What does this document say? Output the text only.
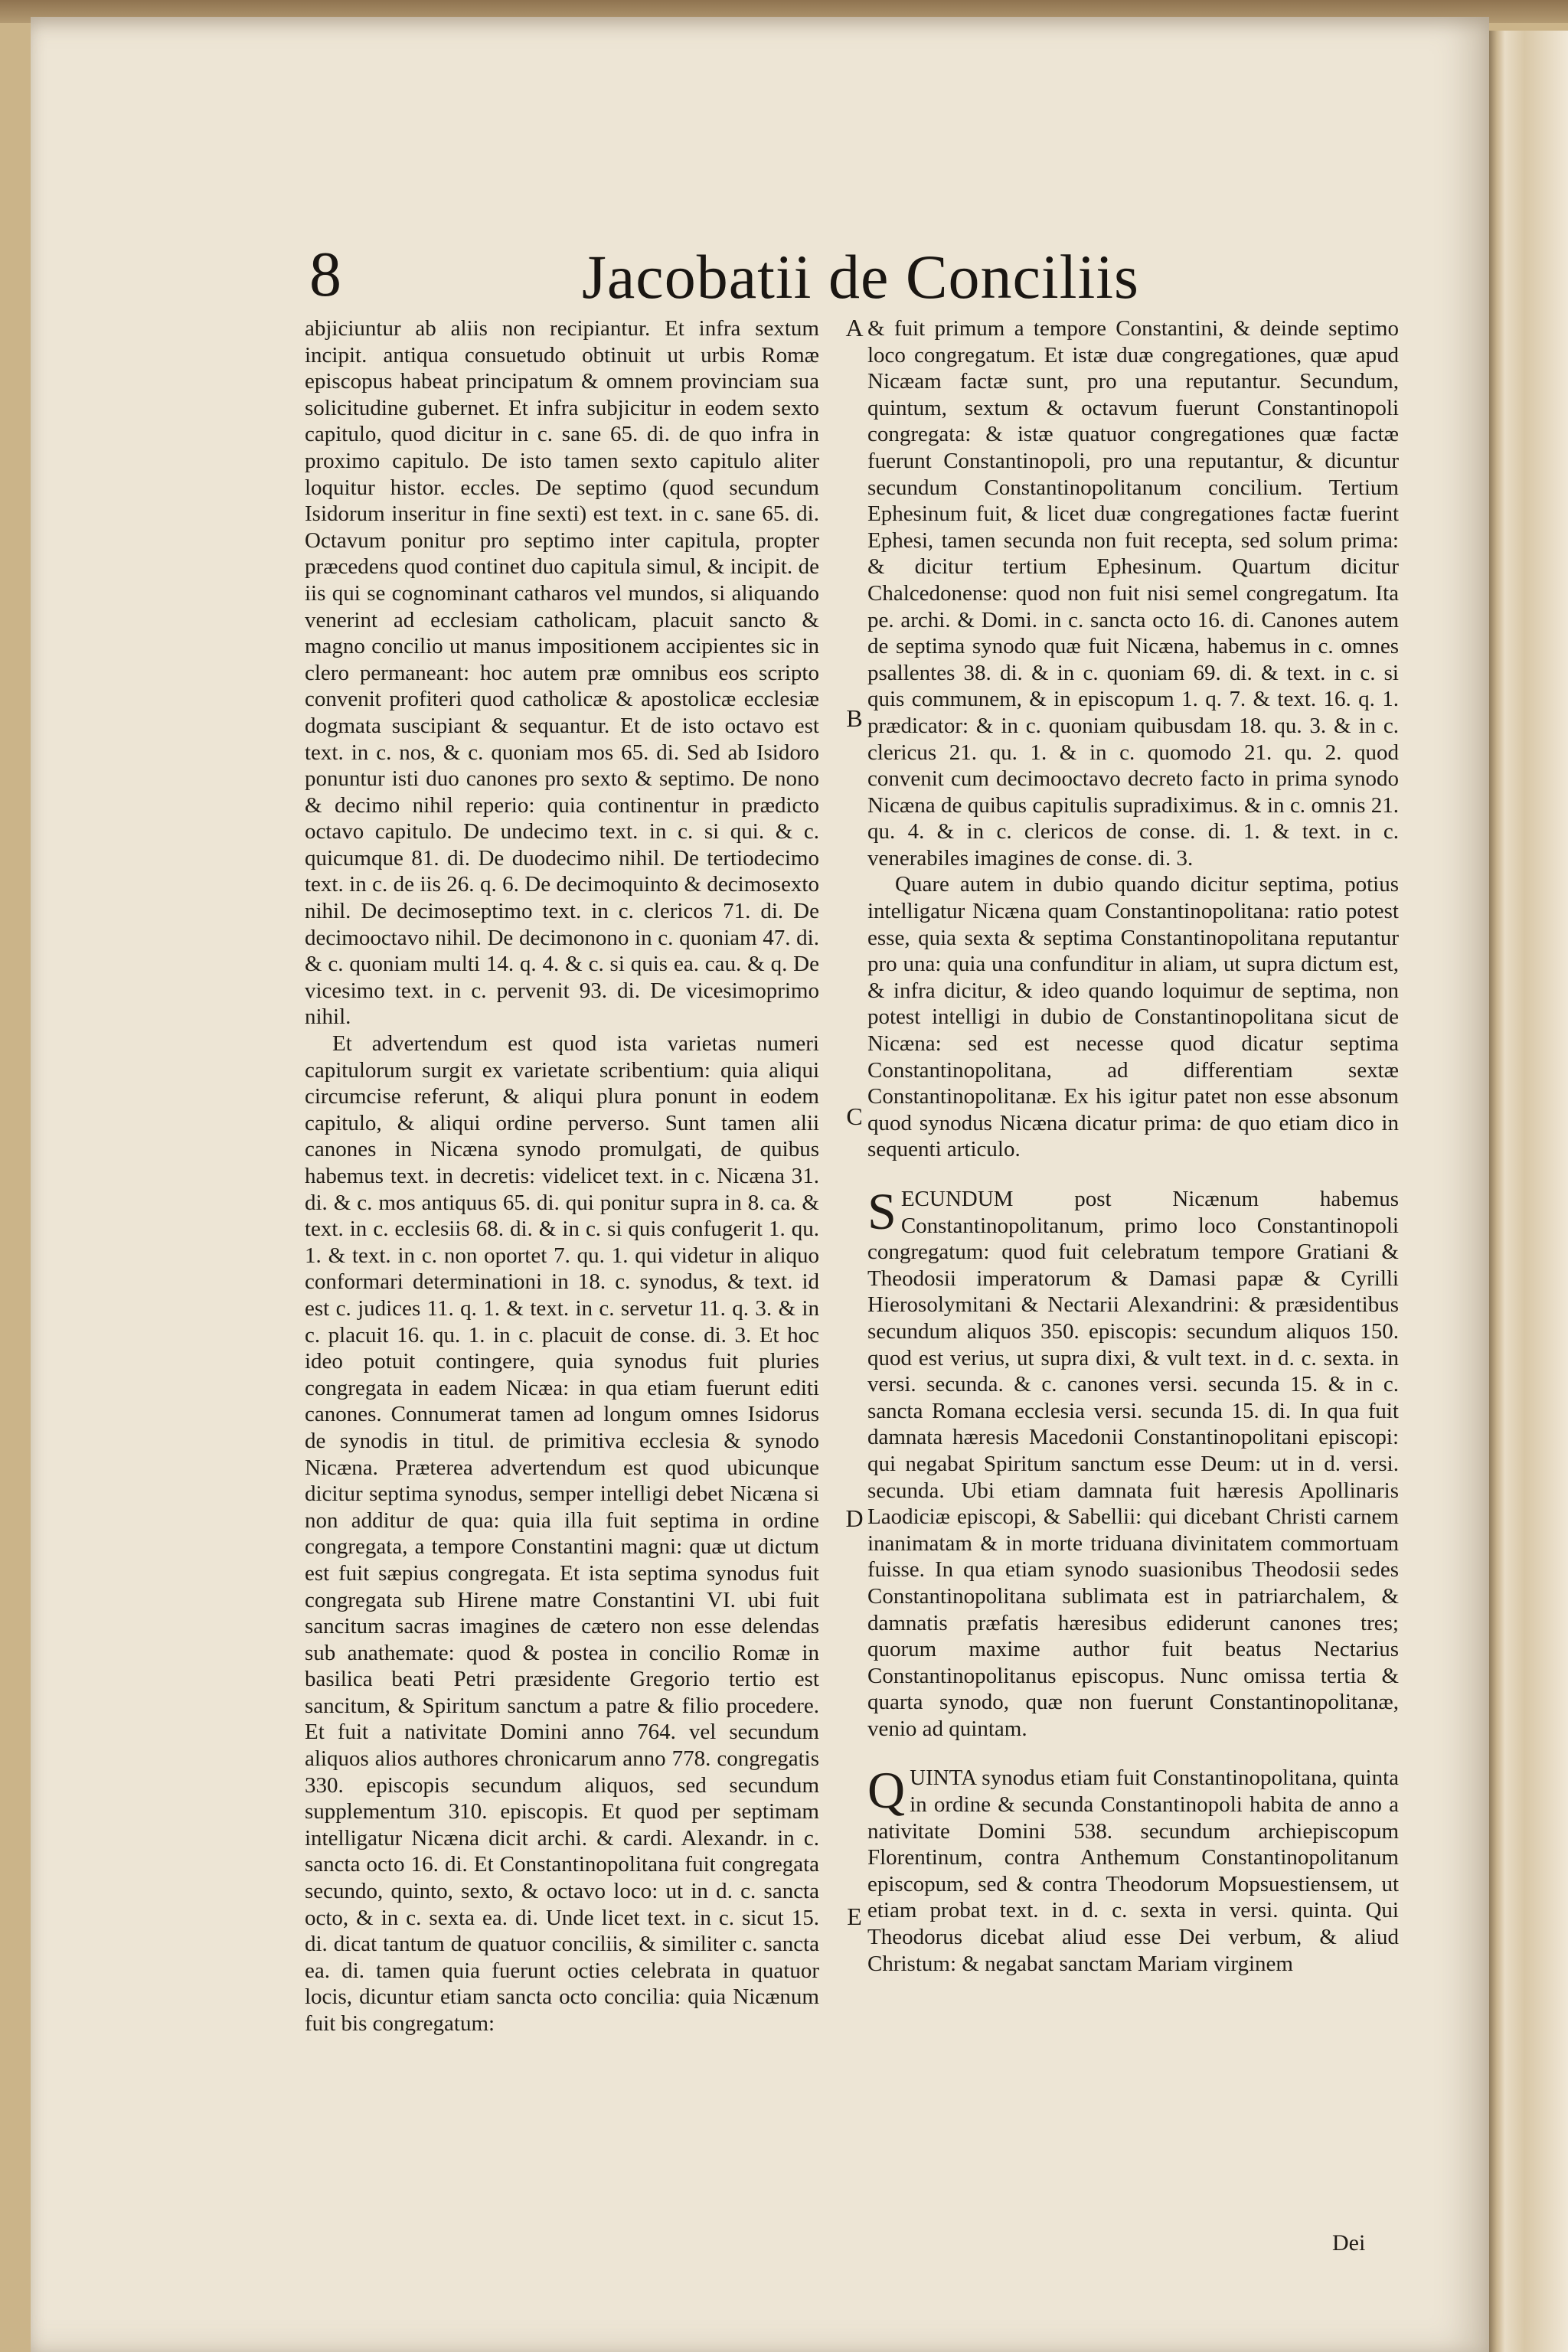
8	Jacobatii de Conciliis

abjiciuntur ab aliis non recipiantur. Et infra sextum incipit. antiqua consuetudo obtinuit ut urbis Romæ episcopus habeat principatum & omnem provinciam sua solicitudine gubernet. Et infra subjicitur in eodem sexto capitulo, quod dicitur in c. sane 65. di. de quo infra in proximo capitulo. De isto tamen sexto capitulo aliter loquitur histor. eccles. De septimo (quod secundum Isidorum inseritur in fine sexti) est text. in c. sane 65. di. Octavum ponitur pro septimo inter capitula, propter præcedens quod continet duo capitula simul, & incipit. de iis qui se cognominant catharos vel mundos, si aliquando venerint ad ecclesiam catholicam, placuit sancto & magno concilio ut manus impositionem accipientes sic in clero permaneant: hoc autem præ omnibus eos scripto convenit profiteri quod catholicæ & apostolicæ ecclesiæ dogmata suscipiant & sequantur. Et de isto octavo est text. in c. nos, & c. quoniam mos 65. di. Sed ab Isidoro ponuntur isti duo canones pro sexto & septimo. De nono & decimo nihil reperio: quia continentur in prædicto octavo capitulo. De undecimo text. in c. si qui. & c. quicumque 81. di. De duodecimo nihil. De tertiodecimo text. in c. de iis 26. q. 6. De decimoquinto & decimosexto nihil. De decimoseptimo text. in c. clericos 71. di. De decimooctavo nihil. De decimonono in c. quoniam 47. di. & c. quoniam multi 14. q. 4. & c. si quis ea. cau. & q. De vicesimo text. in c. pervenit 93. di. De vicesimoprimo nihil.

Et advertendum est quod ista varietas numeri capitulorum surgit ex varietate scribentium: quia aliqui circumcise referunt, & aliqui plura ponunt in eodem capitulo, & aliqui ordine perverso. Sunt tamen alii canones in Nicæna synodo promulgati, de quibus habemus text. in decretis: videlicet text. in c. Nicæna 31. di. & c. mos antiquus 65. di. qui ponitur supra in 8. ca. & text. in c. ecclesiis 68. di. & in c. si quis confugerit 1. qu. 1. & text. in c. non oportet 7. qu. 1. qui videtur in aliquo conformari determinationi in 18. c. synodus, & text. id est c. judices 11. q. 1. & text. in c. servetur 11. q. 3. & in c. placuit 16. qu. 1. in c. placuit de conse. di. 3. Et hoc ideo potuit contingere, quia synodus fuit pluries congregata in eadem Nicæa: in qua etiam fuerunt editi canones. Connumerat tamen ad longum omnes Isidorus de synodis in titul. de primitiva ecclesia & synodo Nicæna. Præterea advertendum est quod ubicunque dicitur septima synodus, semper intelligi debet Nicæna si non additur de qua: quia illa fuit septima in ordine congregata, a tempore Constantini magni: quæ ut dictum est fuit sæpius congregata. Et ista septima synodus fuit congregata sub Hirene matre Constantini VI. ubi fuit sancitum sacras imagines de cætero non esse delendas sub anathemate: quod & postea in concilio Romæ in basilica beati Petri præsidente Gregorio tertio est sancitum, & Spiritum sanctum a patre & filio procedere. Et fuit a nativitate Domini anno 764. vel secundum aliquos alios authores chronicarum anno 778. congregatis 330. episcopis secundum aliquos, sed secundum supplementum 310. episcopis. Et quod per septimam intelligatur Nicæna dicit archi. & cardi. Alexandr. in c. sancta octo 16. di. Et Constantinopolitana fuit congregata secundo, quinto, sexto, & octavo loco: ut in d. c. sancta octo, & in c. sexta ea. di. Unde licet text. in c. sicut 15. di. dicat tantum de quatuor conciliis, & similiter c. sancta ea. di. tamen quia fuerunt octies celebrata in quatuor locis, dicuntur etiam sancta octo concilia: quia Nicænum fuit bis congregatum:

A
B
C
D
E

& fuit primum a tempore Constantini, & deinde septimo loco congregatum. Et istæ duæ congregationes, quæ apud Nicæam factæ sunt, pro una reputantur. Secundum, quintum, sextum & octavum fuerunt Constantinopoli congregata: & istæ quatuor congregationes quæ factæ fuerunt Constantinopoli, pro una reputantur, & dicuntur secundum Constantinopolitanum concilium. Tertium Ephesinum fuit, & licet duæ congregationes factæ fuerint Ephesi, tamen secunda non fuit recepta, sed solum prima: & dicitur tertium Ephesinum. Quartum dicitur Chalcedonense: quod non fuit nisi semel congregatum. Ita pe. archi. & Domi. in c. sancta octo 16. di. Canones autem de septima synodo quæ fuit Nicæna, habemus in c. omnes psallentes 38. di. & in c. quoniam 69. di. & text. in c. si quis communem, & in episcopum 1. q. 7. & text. 16. q. 1. prædicator: & in c. quoniam quibusdam 18. qu. 3. & in c. clericus 21. qu. 1. & in c. quomodo 21. qu. 2. quod convenit cum decimooctavo decreto facto in prima synodo Nicæna de quibus capitulis supradiximus. & in c. omnis 21. qu. 4. & in c. clericos de conse. di. 1. & text. in c. venerabiles imagines de conse. di. 3.

Quare autem in dubio quando dicitur septima, potius intelligatur Nicæna quam Constantinopolitana: ratio potest esse, quia sexta & septima Constantinopolitana reputantur pro una: quia una confunditur in aliam, ut supra dictum est, & infra dicitur, & ideo quando loquimur de septima, non potest intelligi in dubio de Constantinopolitana sicut de Nicæna: sed est necesse quod dicatur septima Constantinopolitana, ad differentiam sextæ Constantinopolitanæ. Ex his igitur patet non esse absonum quod synodus Nicæna dicatur prima: de quo etiam dico in sequenti articulo.

SECUNDUM post Nicænum habemus Constantinopolitanum, primo loco Constantinopoli congregatum: quod fuit celebratum tempore Gratiani & Theodosii imperatorum & Damasi papæ & Cyrilli Hierosolymitani & Nectarii Alexandrini: & præsidentibus secundum aliquos 350. episcopis: secundum aliquos 150. quod est verius, ut supra dixi, & vult text. in d. c. sexta. in versi. secunda. & c. canones versi. secunda 15. & in c. sancta Romana ecclesia versi. secunda 15. di. In qua fuit damnata hæresis Macedonii Constantinopolitani episcopi: qui negabat Spiritum sanctum esse Deum: ut in d. versi. secunda. Ubi etiam damnata fuit hæresis Apollinaris Laodiciæ episcopi, & Sabellii: qui dicebant Christi carnem inanimatam & in morte triduana divinitatem commortuam fuisse. In qua etiam synodo suasionibus Theodosii sedes Constantinopolitana sublimata est in patriarchalem, & damnatis præfatis hæresibus ediderunt canones tres; quorum maxime author fuit beatus Nectarius Constantinopolitanus episcopus. Nunc omissa tertia & quarta synodo, quæ non fuerunt Constantinopolitanæ, venio ad quintam.

QUINTA synodus etiam fuit Constantinopolitana, quinta in ordine & secunda Constantinopoli habita de anno a nativitate Domini 538. secundum archiepiscopum Florentinum, contra Anthemum Constantinopolitanum episcopum, sed & contra Theodorum Mopsuestiensem, ut etiam probat text. in d. c. sexta in versi. quinta. Qui Theodorus dicebat aliud esse Dei verbum, & aliud Christum: & negabat sanctam Mariam virginem

Dei
